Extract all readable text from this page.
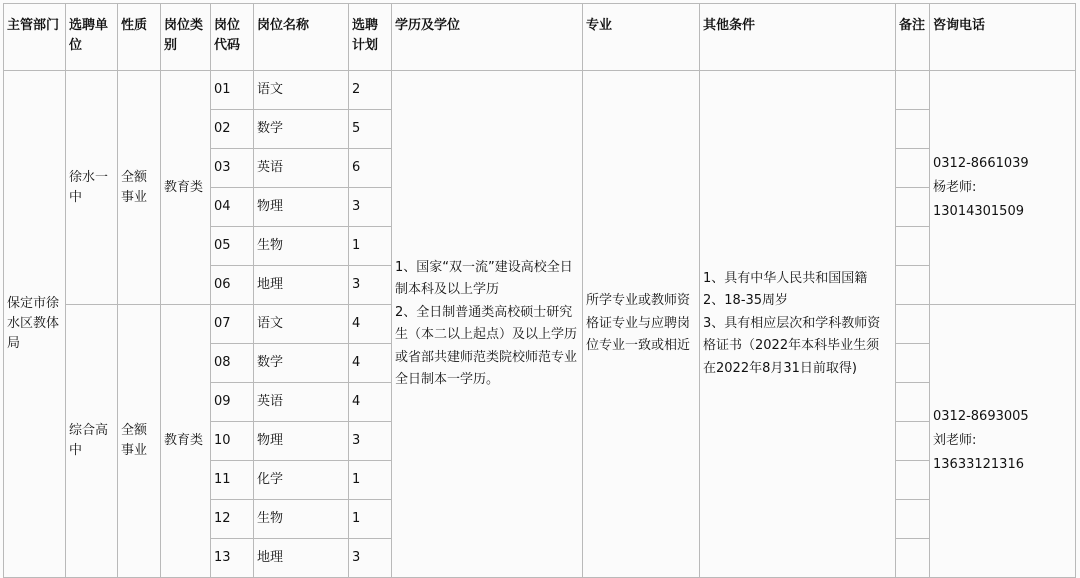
主管部门	选聘单位	性质	岗位类别	岗位代码	岗位名称	选聘计划	学历及学位	专业	其他条件	备注	咨询电话
保定市徐水区教体局	徐水一中	全额事业	教育类	01	语文	2	1、国家“双一流”建设高校全日制本科及以上学历
2、全日制普通类高校硕士研究生（本二以上起点）及以上学历或省部共建师范类院校师范专业全日制本一学历。	所学专业或教师资格证专业与应聘岗位专业一致或相近	1、具有中华人民共和国国籍
2、18-35周岁
3、具有相应层次和学科教师资格证书（2022年本科毕业生须在2022年8月31日前取得)		0312-8661039
杨老师:
13014301509
				02	数学	5					
				03	英语	6					
				04	物理	3					
				05	生物	1					
				06	地理	3					
	综合高中	全额事业	教育类	07	语文	4					0312-8693005
刘老师:
13633121316
				08	数学	4					
				09	英语	4					
				10	物理	3					
				11	化学	1					
				12	生物	1					
				13	地理	3					
